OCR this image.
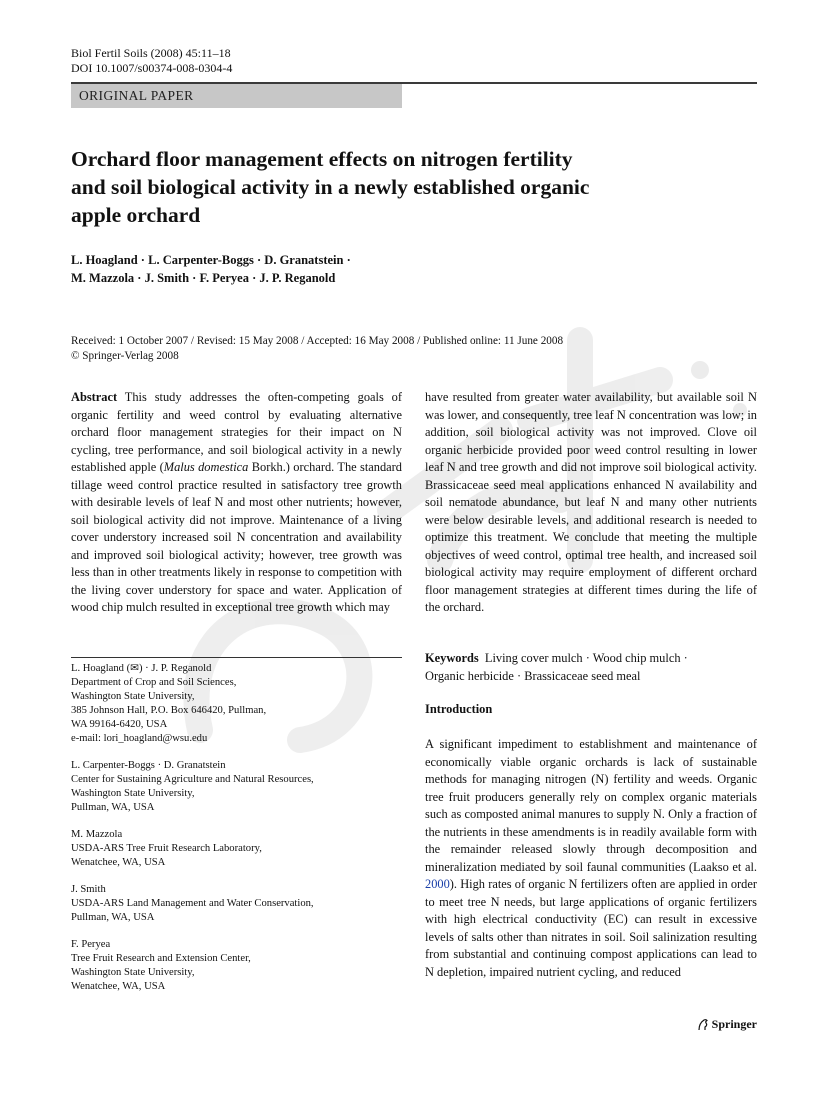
Biol Fertil Soils (2008) 45:11–18
DOI 10.1007/s00374-008-0304-4
ORIGINAL PAPER
Orchard floor management effects on nitrogen fertility
and soil biological activity in a newly established organic
apple orchard
L. Hoagland · L. Carpenter-Boggs · D. Granatstein ·
M. Mazzola · J. Smith · F. Peryea · J. P. Reganold
Received: 1 October 2007 / Revised: 15 May 2008 / Accepted: 16 May 2008 / Published online: 11 June 2008
© Springer-Verlag 2008
Abstract This study addresses the often-competing goals of organic fertility and weed control by evaluating alternative orchard floor management strategies for their impact on N cycling, tree performance, and soil biological activity in a newly established apple (Malus domestica Borkh.) orchard. The standard tillage weed control practice resulted in satisfactory tree growth with desirable levels of leaf N and most other nutrients; however, soil biological activity did not improve. Maintenance of a living cover understory increased soil N concentration and availability and improved soil biological activity; however, tree growth was less than in other treatments likely in response to competition with the living cover understory for space and water. Application of wood chip mulch resulted in exceptional tree growth which may
have resulted from greater water availability, but available soil N was lower, and consequently, tree leaf N concentration was low; in addition, soil biological activity was not improved. Clove oil organic herbicide provided poor weed control resulting in lower leaf N and tree growth and did not improve soil biological activity. Brassicaceae seed meal applications enhanced N availability and soil nematode abundance, but leaf N and many other nutrients were below desirable levels, and additional research is needed to optimize this treatment. We conclude that meeting the multiple objectives of weed control, optimal tree health, and increased soil biological activity may require employment of different orchard floor management strategies at different times during the life of the orchard.
L. Hoagland (✉) · J. P. Reganold
Department of Crop and Soil Sciences,
Washington State University,
385 Johnson Hall, P.O. Box 646420, Pullman,
WA 99164-6420, USA
e-mail: lori_hoagland@wsu.edu
L. Carpenter-Boggs · D. Granatstein
Center for Sustaining Agriculture and Natural Resources,
Washington State University,
Pullman, WA, USA
M. Mazzola
USDA-ARS Tree Fruit Research Laboratory,
Wenatchee, WA, USA
J. Smith
USDA-ARS Land Management and Water Conservation,
Pullman, WA, USA
F. Peryea
Tree Fruit Research and Extension Center,
Washington State University,
Wenatchee, WA, USA
Keywords Living cover mulch · Wood chip mulch ·
Organic herbicide · Brassicaceae seed meal
Introduction
A significant impediment to establishment and maintenance of economically viable organic orchards is lack of sustainable methods for managing nitrogen (N) fertility and weeds. Organic tree fruit producers generally rely on complex organic materials such as composted animal manures to supply N. Only a fraction of the nutrients in these amendments is in readily available form with the remainder released slowly through decomposition and mineralization mediated by soil faunal communities (Laakso et al. 2000). High rates of organic N fertilizers often are applied in order to meet tree N needs, but large applications of organic fertilizers with high electrical conductivity (EC) can result in excessive levels of salts other than nitrates in soil. Soil salinization resulting from substantial and continuing compost applications can lead to N depletion, impaired nutrient cycling, and reduced
Springer
